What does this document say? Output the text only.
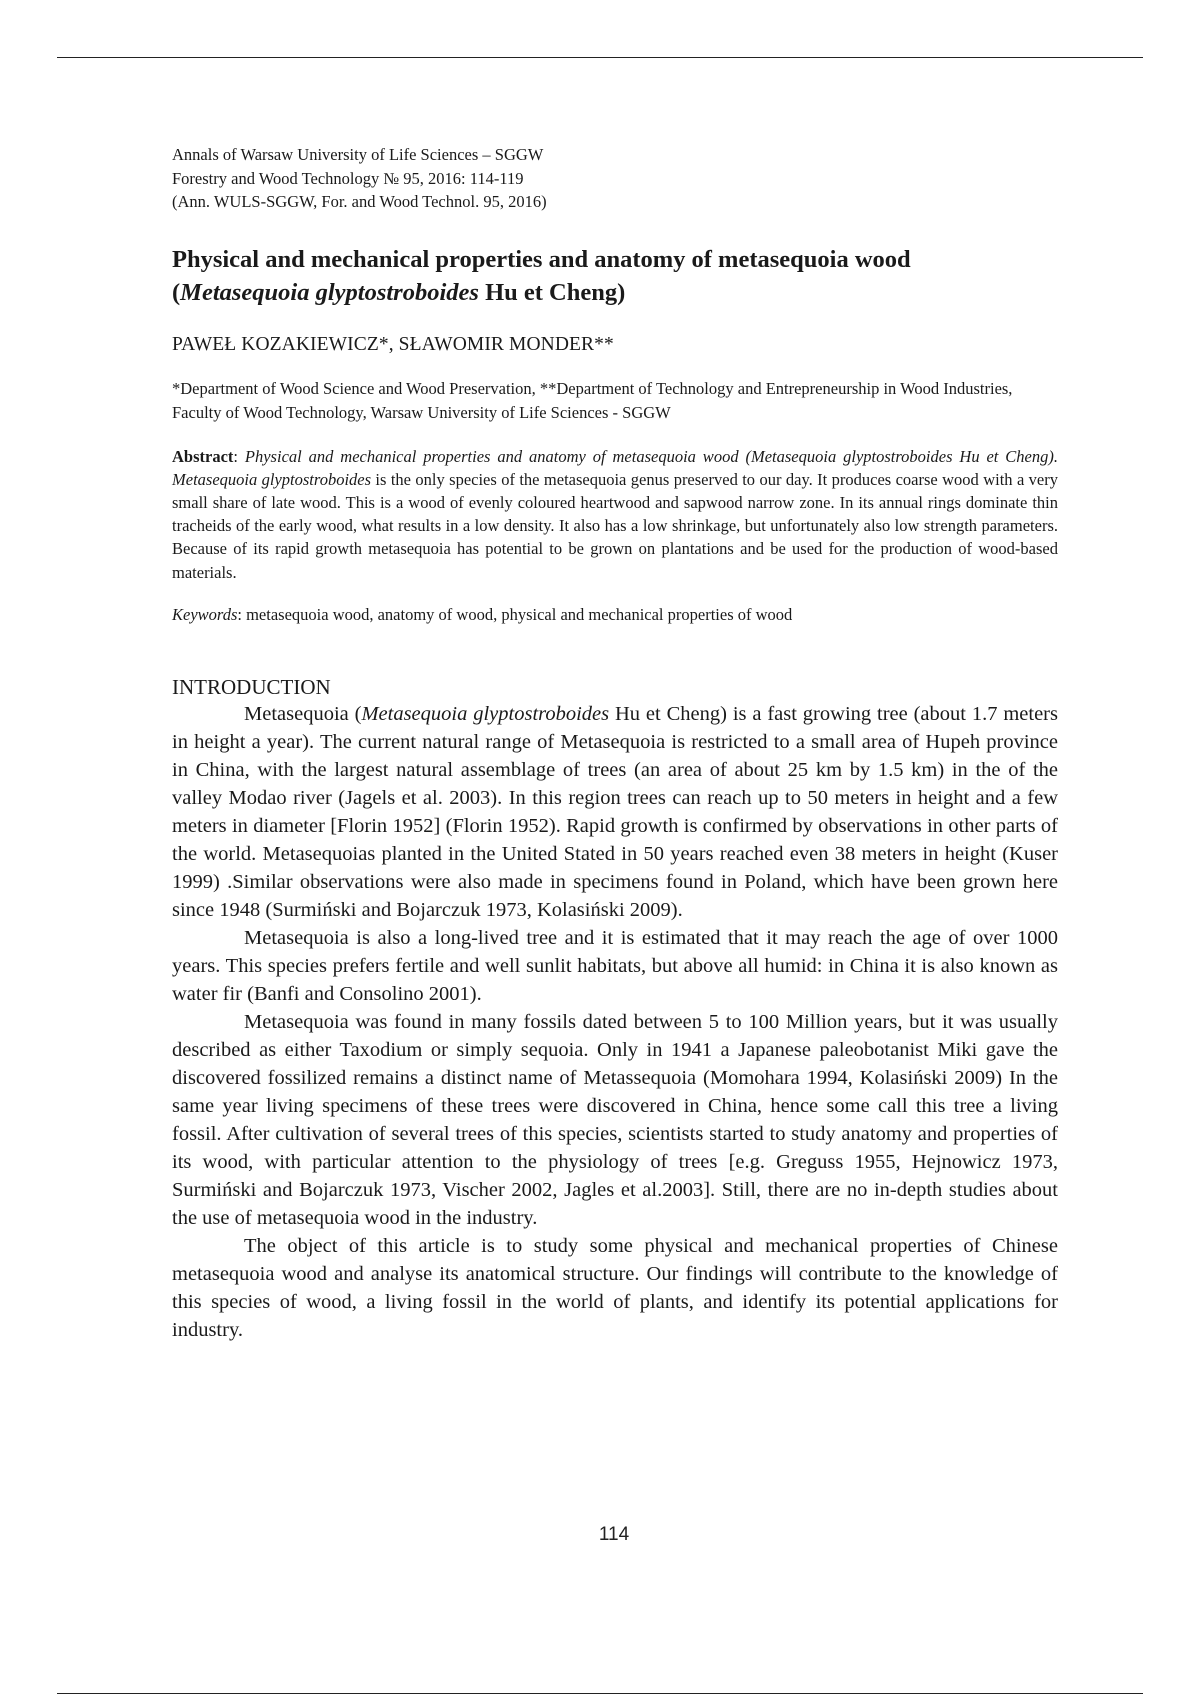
Annals of Warsaw University of Life Sciences – SGGW
Forestry and Wood Technology № 95, 2016: 114-119
(Ann. WULS-SGGW, For. and Wood Technol. 95, 2016)
Physical and mechanical properties and anatomy of metasequoia wood
(Metasequoia glyptostroboides Hu et Cheng)
PAWEŁ KOZAKIEWICZ*, SŁAWOMIR MONDER**
*Department of Wood Science and Wood Preservation, **Department of Technology and Entrepreneurship in Wood Industries, Faculty of Wood Technology, Warsaw University of Life Sciences - SGGW
Abstract: Physical and mechanical properties and anatomy of metasequoia wood (Metasequoia glyptostroboides Hu et Cheng). Metasequoia glyptostroboides is the only species of the metasequoia genus preserved to our day. It produces coarse wood with a very small share of late wood. This is a wood of evenly coloured heartwood and sapwood narrow zone. In its annual rings dominate thin tracheids of the early wood, what results in a low density. It also has a low shrinkage, but unfortunately also low strength parameters. Because of its rapid growth metasequoia has potential to be grown on plantations and be used for the production of wood-based materials.
Keywords: metasequoia wood, anatomy of wood, physical and mechanical properties of wood
INTRODUCTION

Metasequoia (Metasequoia glyptostroboides Hu et Cheng) is a fast growing tree (about 1.7 meters in height a year). The current natural range of Metasequoia is restricted to a small area of Hupeh province in China, with the largest natural assemblage of trees (an area of about 25 km by 1.5 km) in the of the valley Modao river (Jagels et al. 2003). In this region trees can reach up to 50 meters in height and a few meters in diameter [Florin 1952] (Florin 1952). Rapid growth is confirmed by observations in other parts of the world. Metasequoias planted in the United Stated in 50 years reached even 38 meters in height (Kuser 1999) .Similar observations were also made in specimens found in Poland, which have been grown here since 1948 (Surmiński and Bojarczuk 1973, Kolasiński 2009).

Metasequoia is also a long-lived tree and it is estimated that it may reach the age of over 1000 years. This species prefers fertile and well sunlit habitats, but above all humid: in China it is also known as water fir (Banfi and Consolino 2001).

Metasequoia was found in many fossils dated between 5 to 100 Million years, but it was usually described as either Taxodium or simply sequoia. Only in 1941 a Japanese paleobotanist Miki gave the discovered fossilized remains a distinct name of Metassequoia (Momohara 1994, Kolasiński 2009) In the same year living specimens of these trees were discovered in China, hence some call this tree a living fossil. After cultivation of several trees of this species, scientists started to study anatomy and properties of its wood, with particular attention to the physiology of trees [e.g. Greguss 1955, Hejnowicz 1973, Surmiński and Bojarczuk 1973, Vischer 2002, Jagles et al.2003]. Still, there are no in-depth studies about the use of metasequoia wood in the industry.

The object of this article is to study some physical and mechanical properties of Chinese metasequoia wood and analyse its anatomical structure. Our findings will contribute to the knowledge of this species of wood, a living fossil in the world of plants, and identify its potential applications for industry.

114
